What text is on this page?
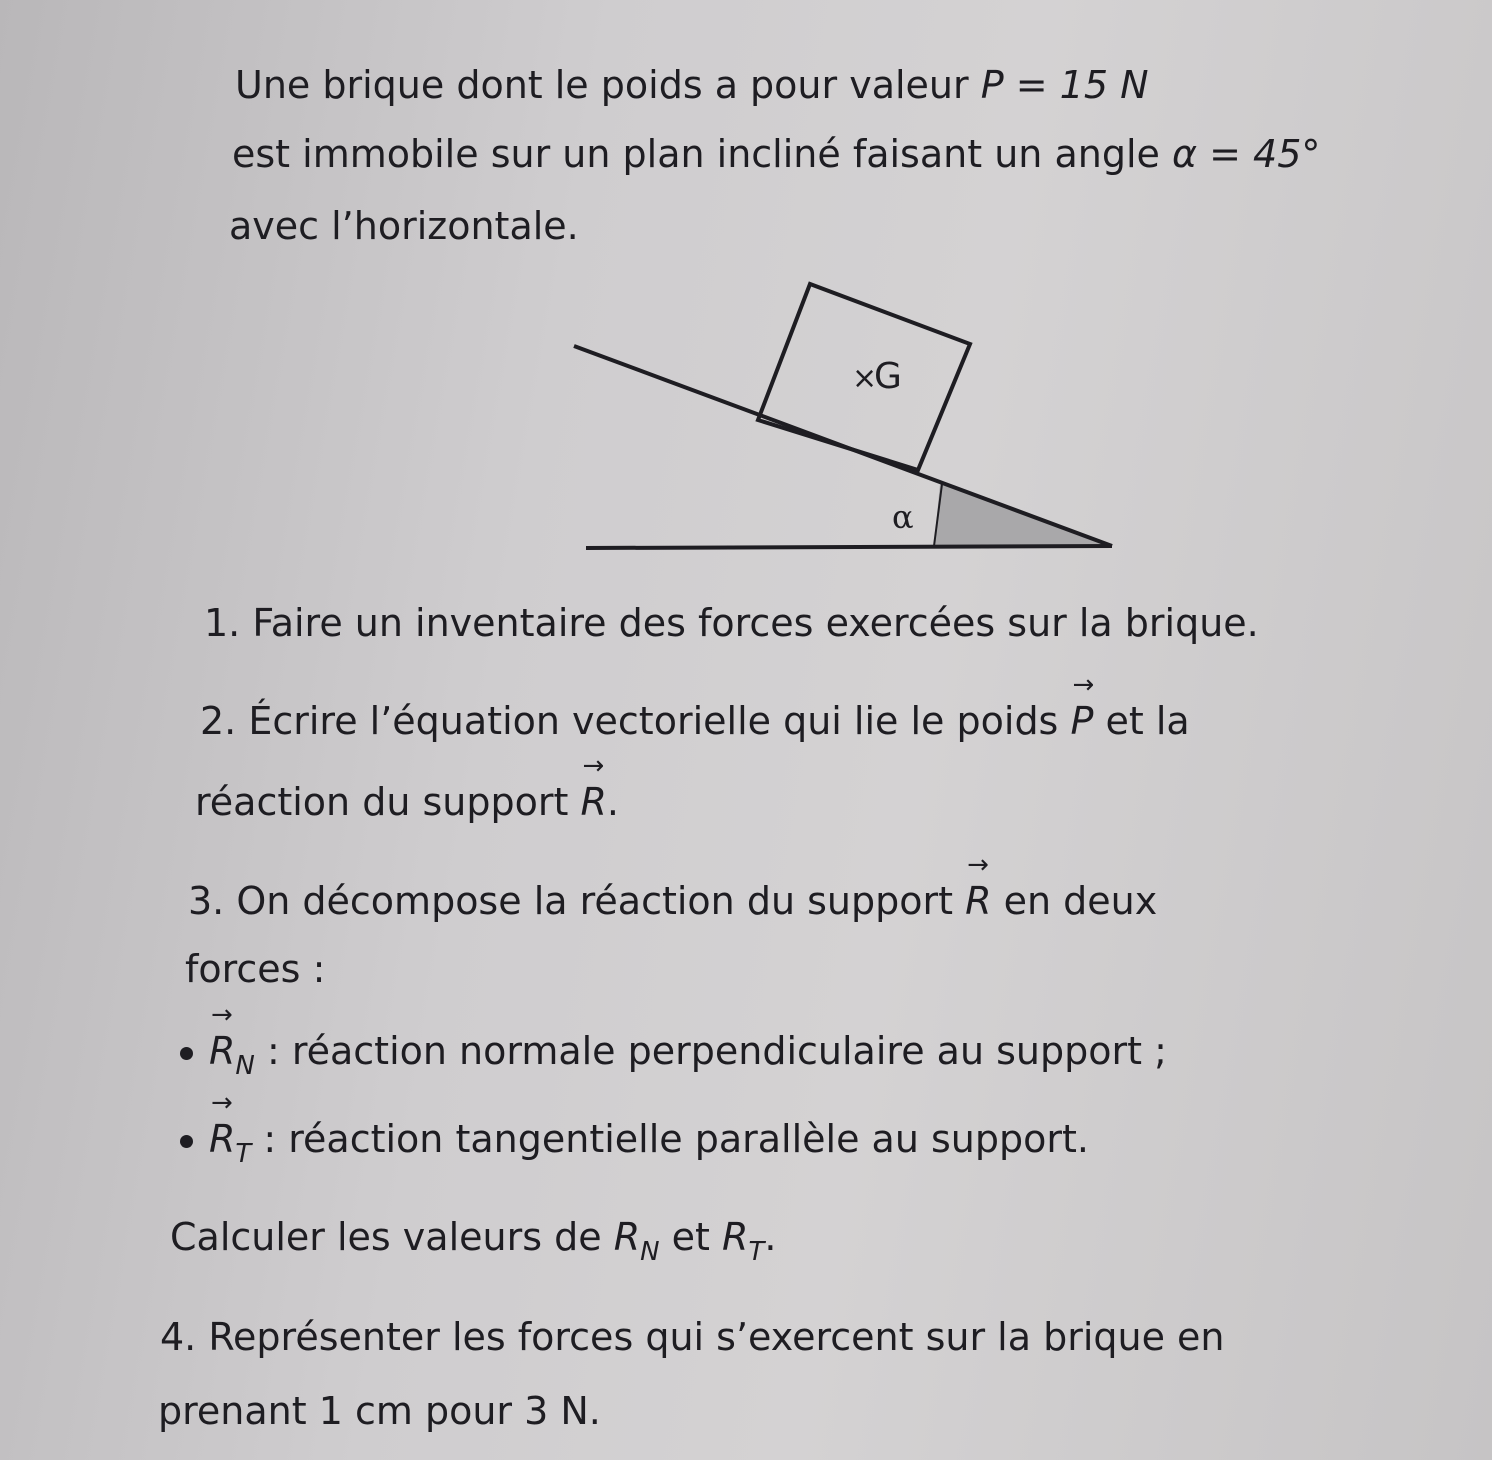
Une brique dont le poids a pour valeur P = 15 N
est immobile sur un plan incliné faisant un angle α = 45°
avec l’horizontale.
×
G
α
1. Faire un inventaire des forces exercées sur la brique.
2. Écrire l’équation vectorielle qui lie le poids → P et la
réaction du support → R.
3. On décompose la réaction du support → R en deux
forces :
→ $R_N$ : réaction normale perpendiculaire au support ;
→ $R_T$ : réaction tangentielle parallèle au support.
Calculer les valeurs de $R_N$ et $R_T$.
4. Représenter les forces qui s’exercent sur la brique en
prenant 1 cm pour 3 N.
